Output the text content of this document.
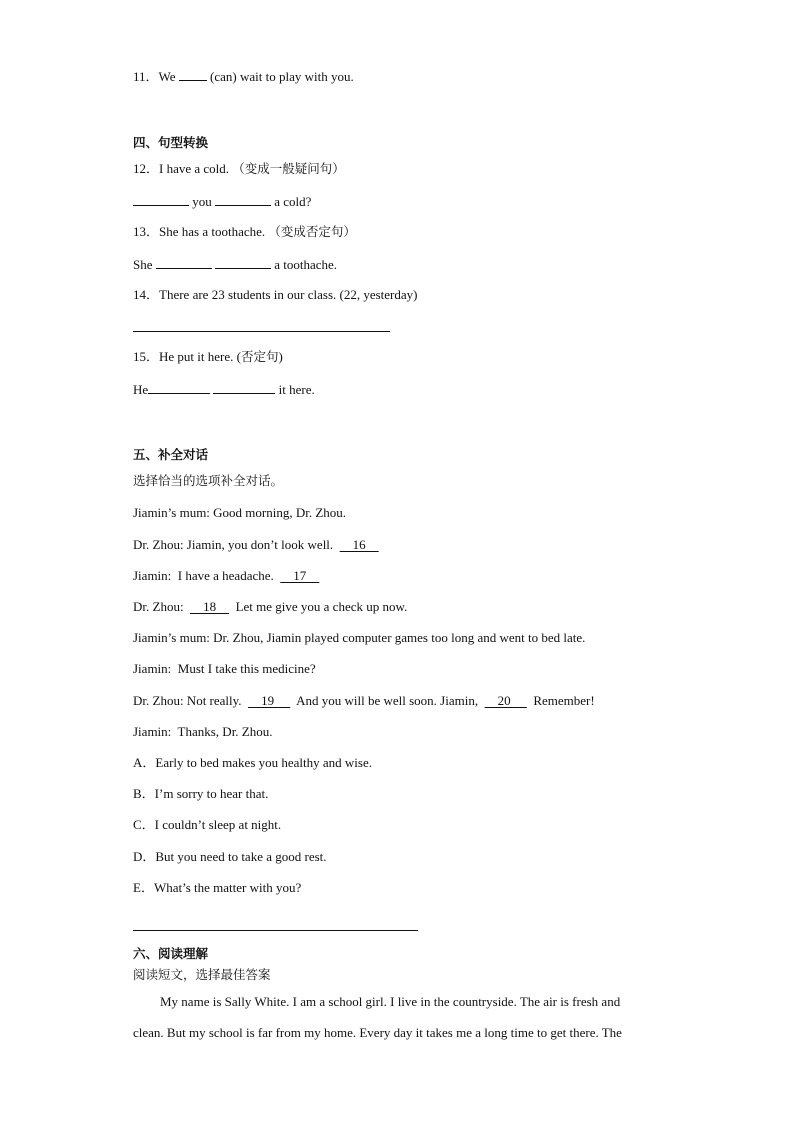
11．We  (can) wait to play with you.
四、句型转换
12．I have a cold. （变成一般疑问句）
you	a cold?
13．She has a toothache. （变成否定句）
She	a toothache.
14．There are 23 students in our class. (22, yesterday)
15．He put it here. (否定句)
He	it here.
五、补全对话
选择恰当的选项补全对话。
Jiamin’s mum: Good morning, Dr. Zhou.
Dr. Zhou: Jiamin, you don’t look well.      16
Jiamin:  I have a headache.      17
Dr. Zhou:      18      Let me give you a check up now.
Jiamin’s mum: Dr. Zhou, Jiamin played computer games too long and went to bed late.
Jiamin:  Must I take this medicine?
Dr. Zhou: Not really.      19       And you will be well soon. Jiamin,      20       Remember!
Jiamin:  Thanks, Dr. Zhou.
A．Early to bed makes you healthy and wise.
B．I’m sorry to hear that.
C．I couldn’t sleep at night.
D．But you need to take a good rest.
E．What’s the matter with you?
六、阅读理解
阅读短文，选择最佳答案
My name is Sally White. I am a school girl. I live in the countryside. The air is fresh and
clean. But my school is far from my home. Every day it takes me a long time to get there. The
